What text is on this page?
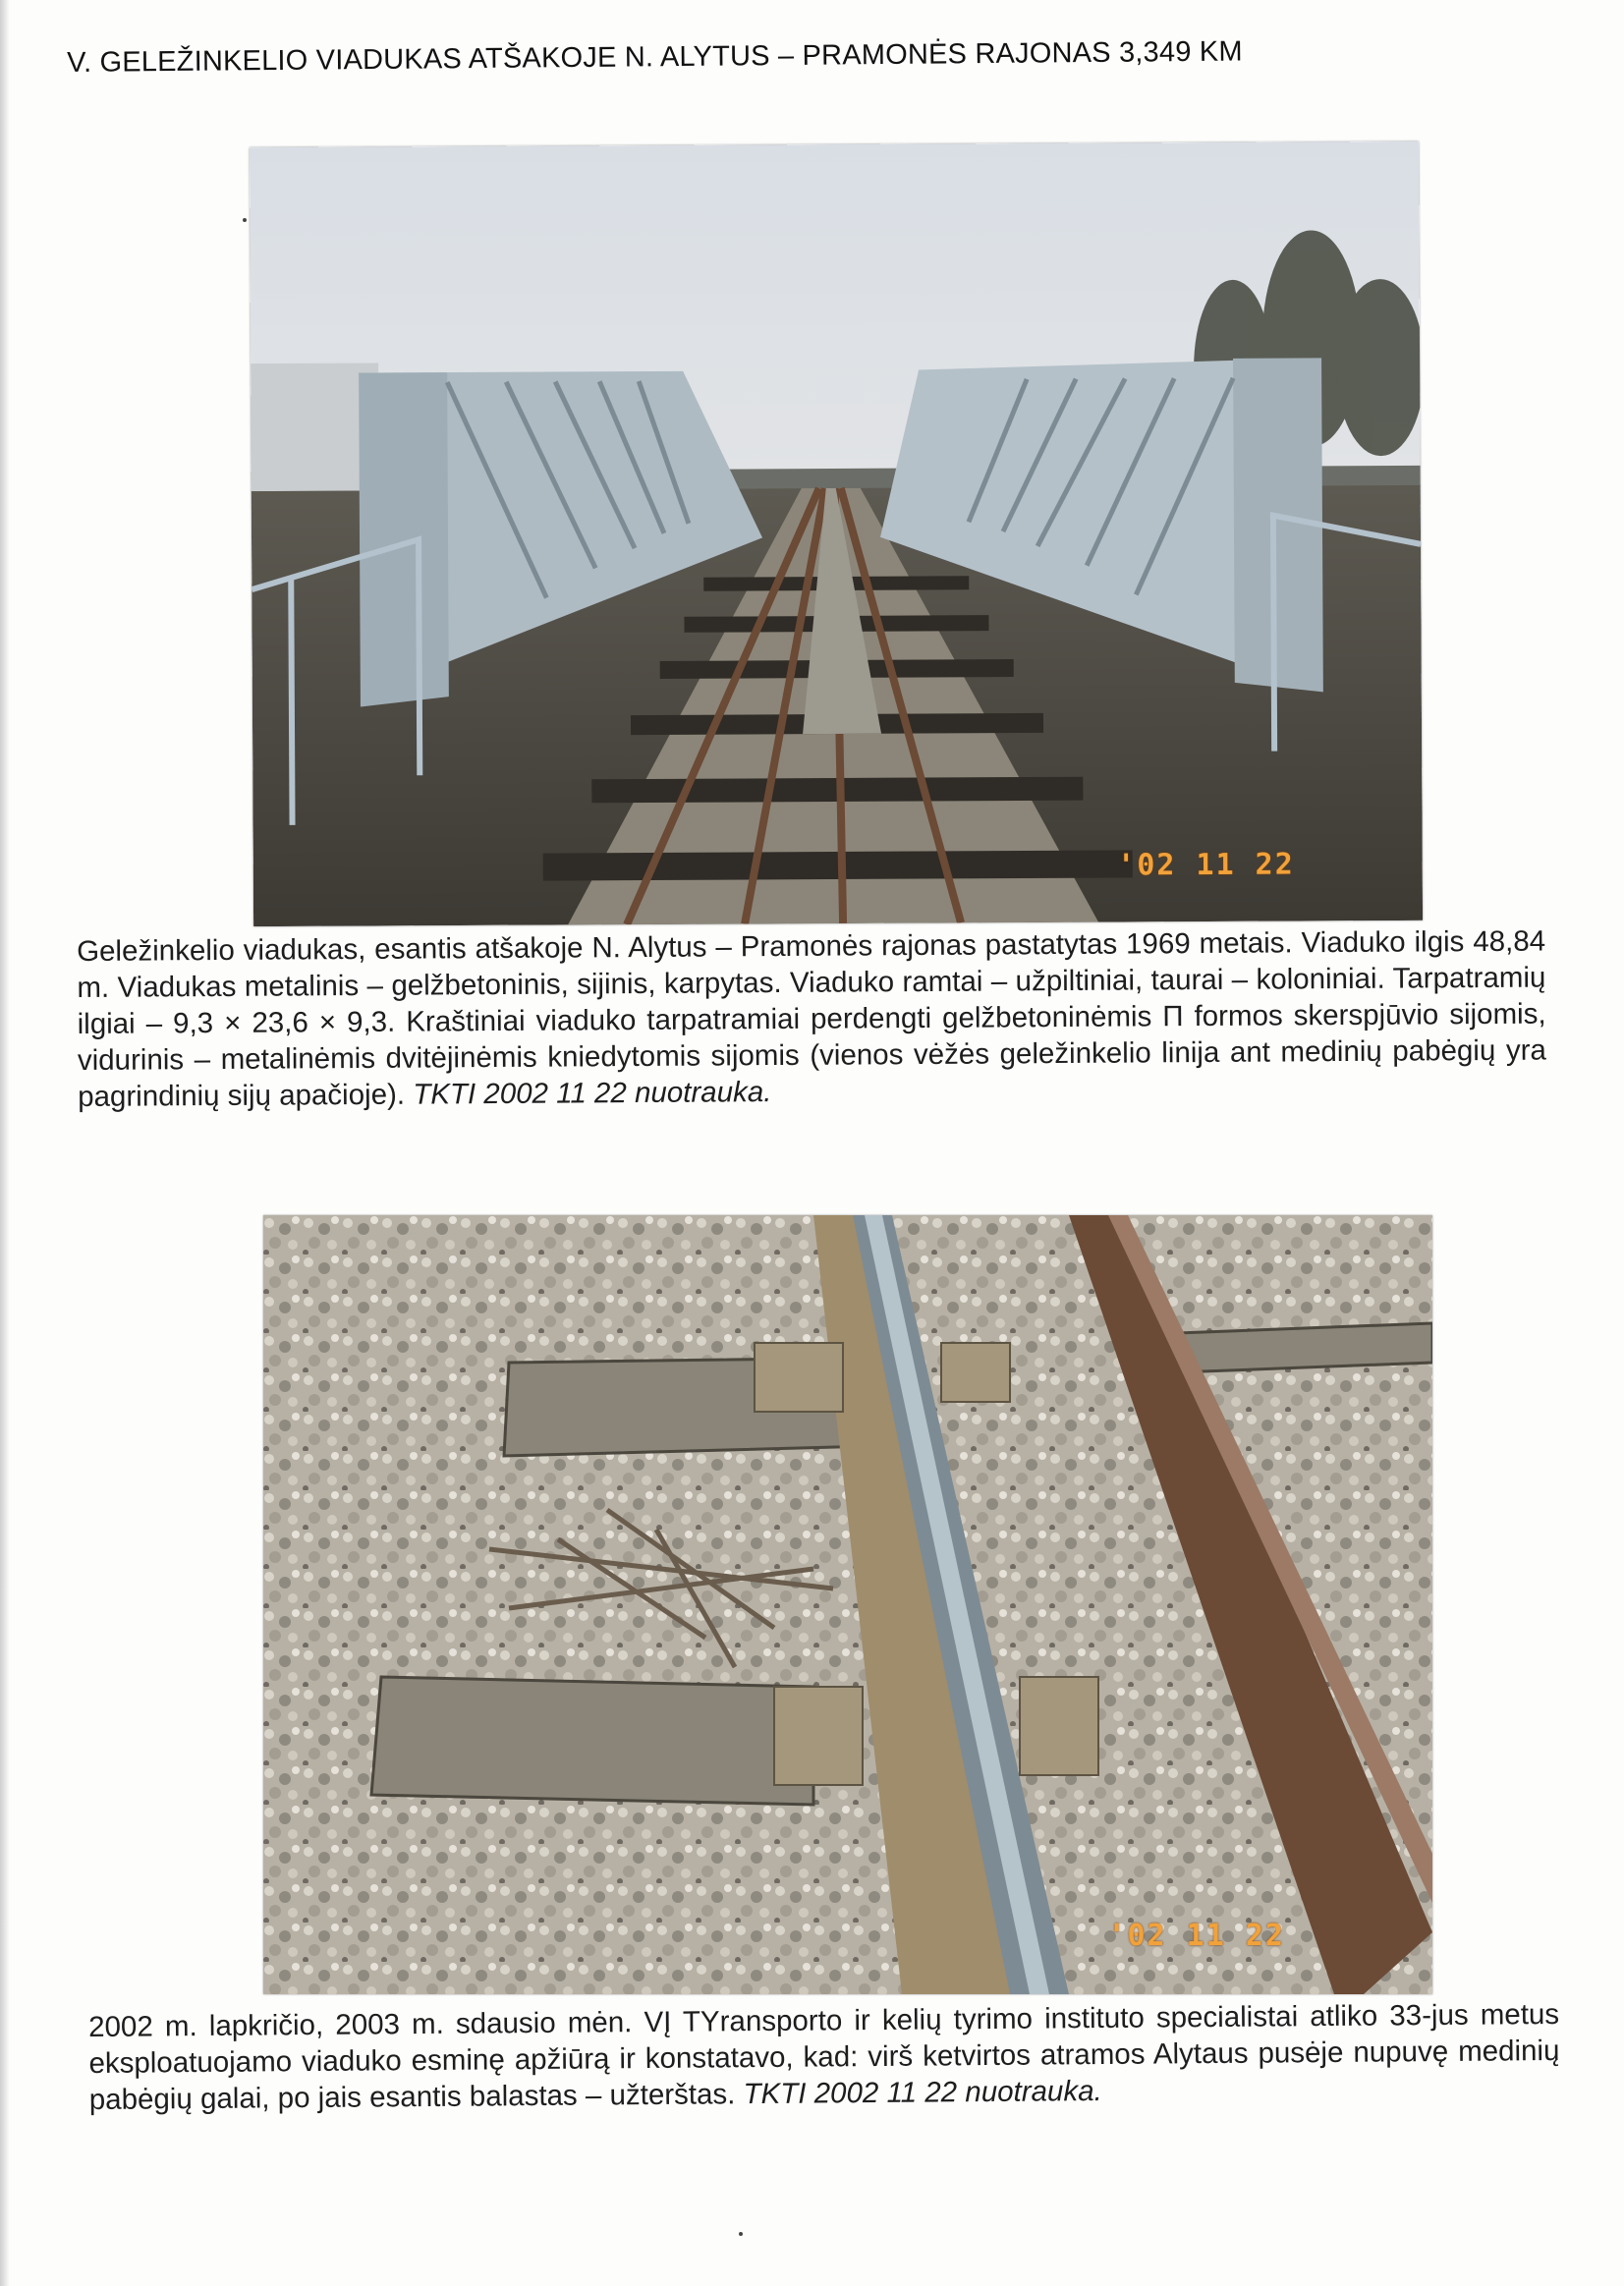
V. GELEŽINKELIO VIADUKAS ATŠAKOJE N. ALYTUS – PRAMONĖS RAJONAS 3,349 KM
'02 11 22
Geležinkelio viadukas, esantis atšakoje N. Alytus – Pramonės rajonas pastatytas 1969 metais. Viaduko ilgis 48,84 m. Viadukas metalinis – gelžbetoninis, sijinis, karpytas. Viaduko ramtai – užpiltiniai, taurai – koloniniai. Tarpatramių ilgiai – 9,3 × 23,6 × 9,3. Kraštiniai viaduko tarpatramiai perdengti gelžbetoninėmis П formos skerspjūvio sijomis, vidurinis – metalinėmis dvitėjinėmis kniedytomis sijomis (vienos vėžės geležinkelio linija ant medinių pabėgių yra pagrindinių sijų apačioje). TKTI 2002 11 22 nuotrauka.
'02 11 22
2002 m. lapkričio, 2003 m. sdausio mėn. VĮ TYransporto ir kelių tyrimo instituto specialistai atliko 33-jus metus eksploatuojamo viaduko esminę apžiūrą ir konstatavo, kad: virš ketvirtos atramos Alytaus pusėje nupuvę medinių pabėgių galai, po jais esantis balastas – užterštas. TKTI 2002 11 22 nuotrauka.
